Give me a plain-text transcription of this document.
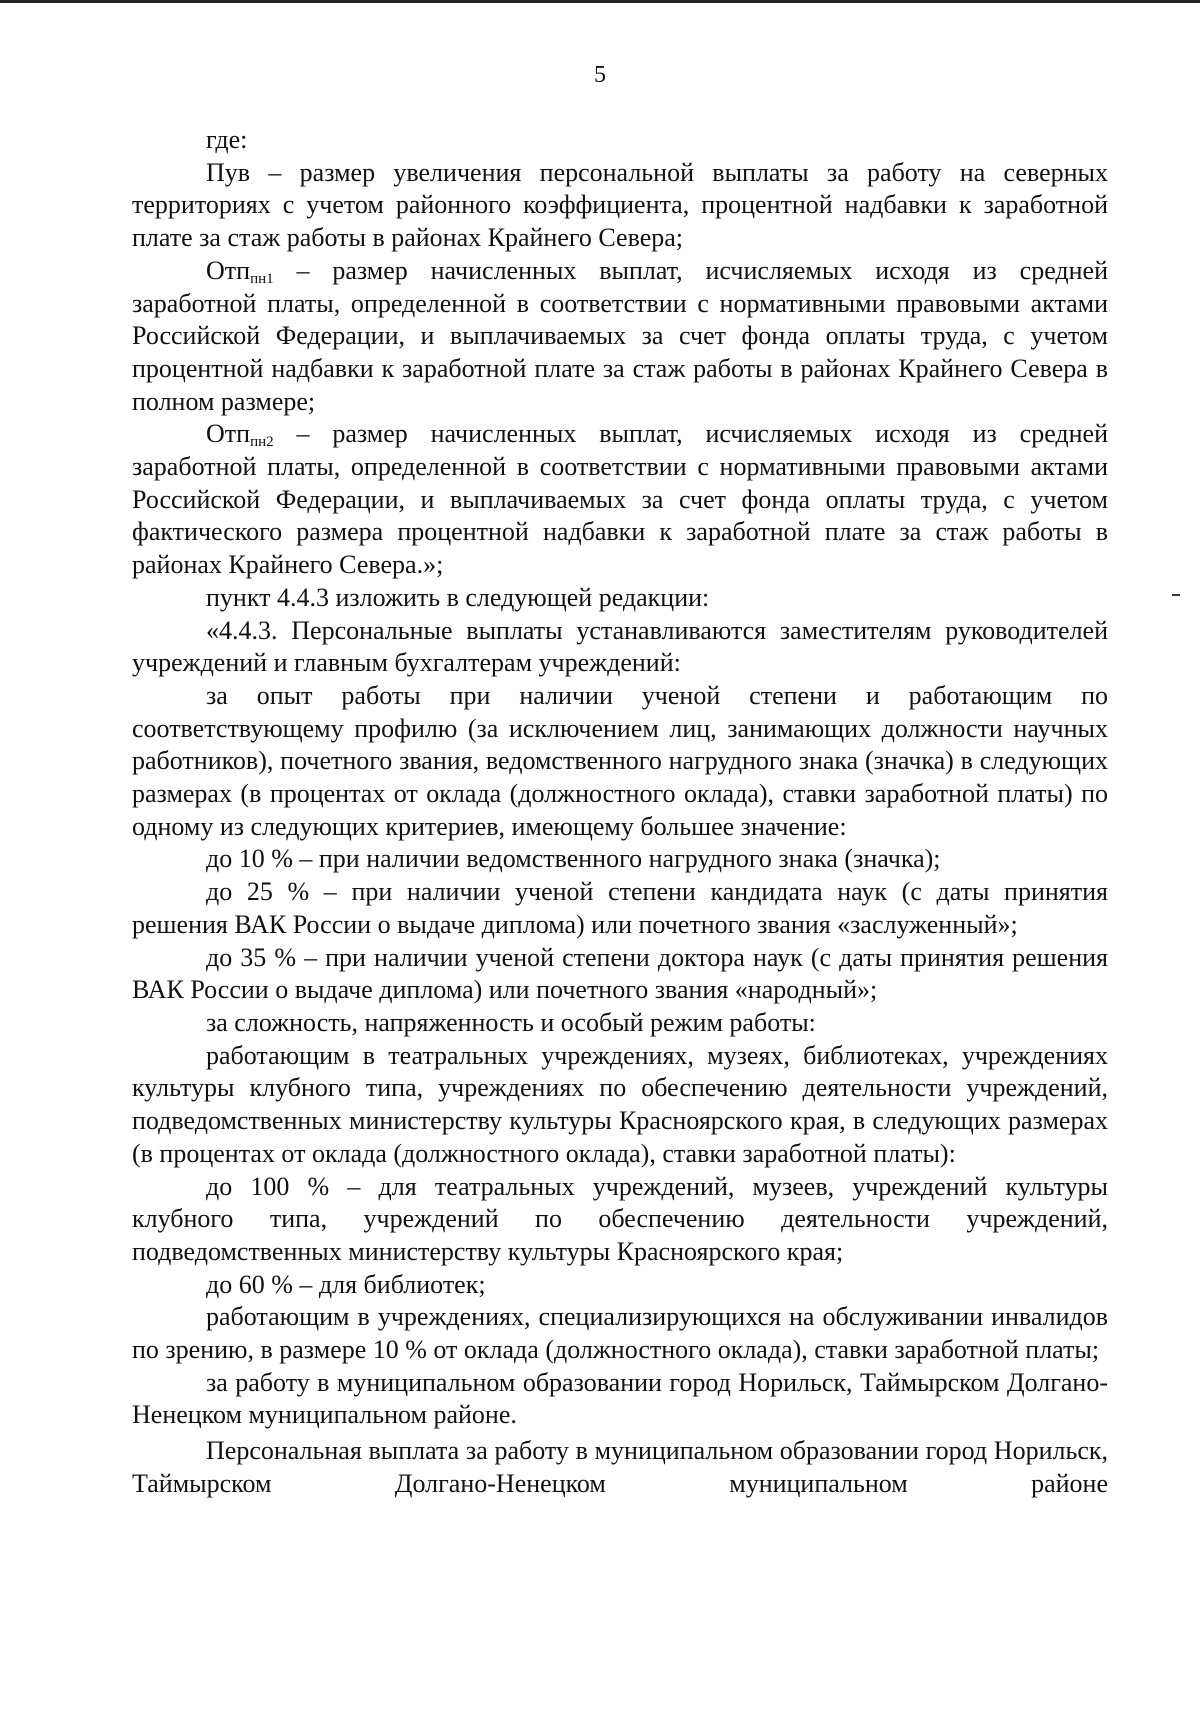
5

где:

Пув – размер увеличения персональной выплаты за работу на северных территориях с учетом районного коэффициента, процентной надбавки к заработной плате за стаж работы в районах Крайнего Севера;

Отп$_{пн1}$ – размер начисленных выплат, исчисляемых исходя из средней заработной платы, определенной в соответствии с нормативными правовыми актами Российской Федерации, и выплачиваемых за счет фонда оплаты труда, с учетом процентной надбавки к заработной плате за стаж работы в районах Крайнего Севера в полном размере;

Отп$_{пн2}$ – размер начисленных выплат, исчисляемых исходя из средней заработной платы, определенной в соответствии с нормативными правовыми актами Российской Федерации, и выплачиваемых за счет фонда оплаты труда, с учетом фактического размера процентной надбавки к заработной плате за стаж работы в районах Крайнего Севера.»;

пункт 4.4.3 изложить в следующей редакции:

«4.4.3. Персональные выплаты устанавливаются заместителям руководителей учреждений и главным бухгалтерам учреждений:

за опыт работы при наличии ученой степени и работающим по соответствующему профилю (за исключением лиц, занимающих должности научных работников), почетного звания, ведомственного нагрудного знака (значка) в следующих размерах (в процентах от оклада (должностного оклада), ставки заработной платы) по одному из следующих критериев, имеющему большее значение:

до 10 % – при наличии ведомственного нагрудного знака (значка);

до 25 % – при наличии ученой степени кандидата наук (с даты принятия решения ВАК России о выдаче диплома) или почетного звания «заслуженный»;

до 35 % – при наличии ученой степени доктора наук (с даты принятия решения ВАК России о выдаче диплома) или почетного звания «народный»;

за сложность, напряженность и особый режим работы:

работающим в театральных учреждениях, музеях, библиотеках, учреждениях культуры клубного типа, учреждениях по обеспечению деятельности учреждений, подведомственных министерству культуры Красноярского края, в следующих размерах (в процентах от оклада (должностного оклада), ставки заработной платы):

до 100 % – для театральных учреждений, музеев, учреждений культуры клубного типа, учреждений по обеспечению деятельности учреждений, подведомственных министерству культуры Красноярского края;

до 60 % – для библиотек;

работающим в учреждениях, специализирующихся на обслуживании инвалидов по зрению, в размере 10 % от оклада (должностного оклада), ставки заработной платы;

за работу в муниципальном образовании город Норильск, Таймырском Долгано-Ненецком муниципальном районе.

Персональная выплата за работу в муниципальном образовании город Норильск, Таймырском Долгано-Ненецком муниципальном районе
